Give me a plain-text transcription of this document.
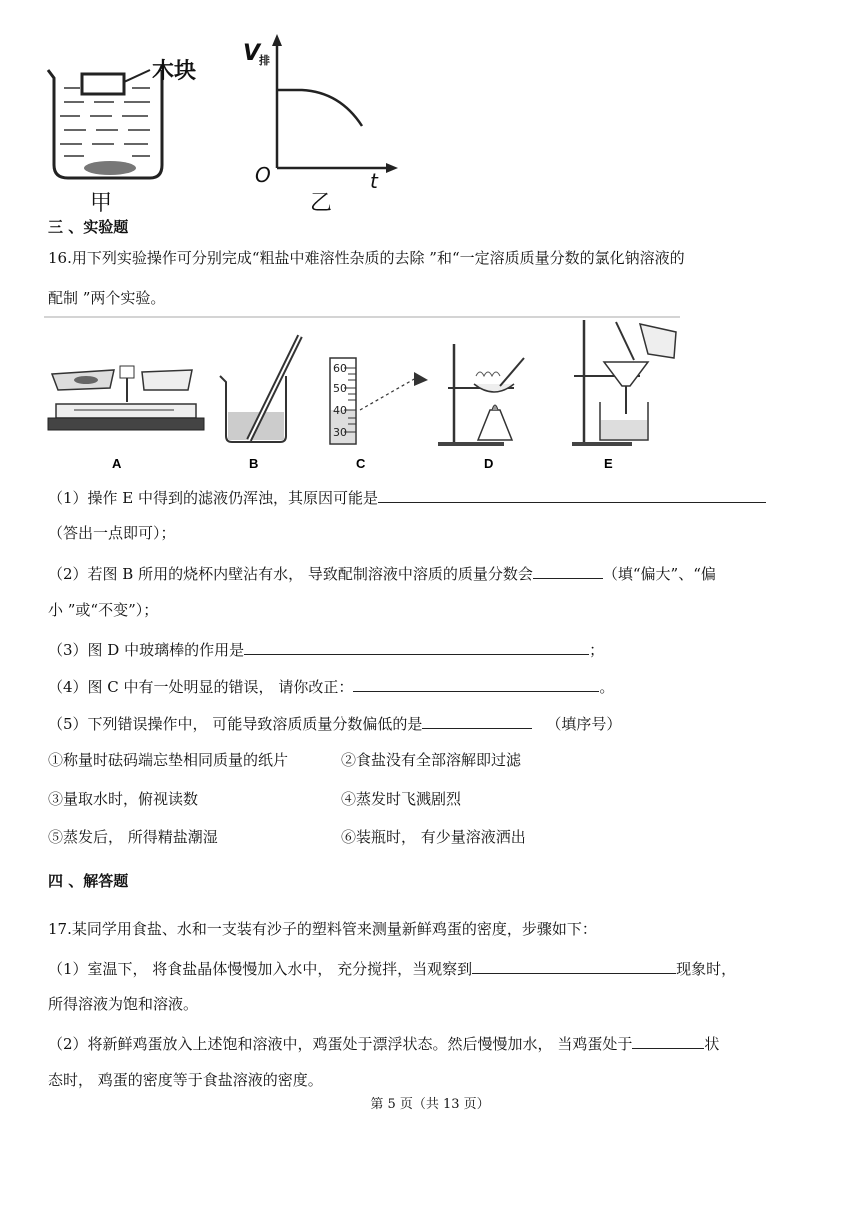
木块
甲
V
排
O	t
乙
三 、实验题
16.用下列实验操作可分别完成“粗盐中难溶性杂质的去除 ”和“一定溶质质量分数的氯化钠溶液的
配制 ”两个实验。
A	B
60
50
40
30
C	D	E
（1）操作 E 中得到的滤液仍浑浊，其原因可能是
（答出一点即可）；
（2）若图 B 所用的烧杯内壁沾有水， 导致配制溶液中溶质的质量分数会	（填“偏大”、“偏
小 ”或“不变”）；
（3）图 D 中玻璃棒的作用是	；
（4）图 C 中有一处明显的错误， 请你改正：	。
（5）下列错误操作中， 可能导致溶质质量分数偏低的是	（填序号）
①称量时砝码端忘垫相同质量的纸片	②食盐没有全部溶解即过滤
③量取水时，俯视读数	④蒸发时飞溅剧烈
⑤蒸发后， 所得精盐潮湿	⑥装瓶时， 有少量溶液洒出
四 、解答题
17.某同学用食盐、水和一支装有沙子的塑料管来测量新鲜鸡蛋的密度，步骤如下：
（1）室温下， 将食盐晶体慢慢加入水中， 充分搅拌，当观察到	现象时，
所得溶液为饱和溶液。
（2）将新鲜鸡蛋放入上述饱和溶液中，鸡蛋处于漂浮状态。然后慢慢加水， 当鸡蛋处于	状
态时， 鸡蛋的密度等于食盐溶液的密度。
第 5 页（共 13 页）
